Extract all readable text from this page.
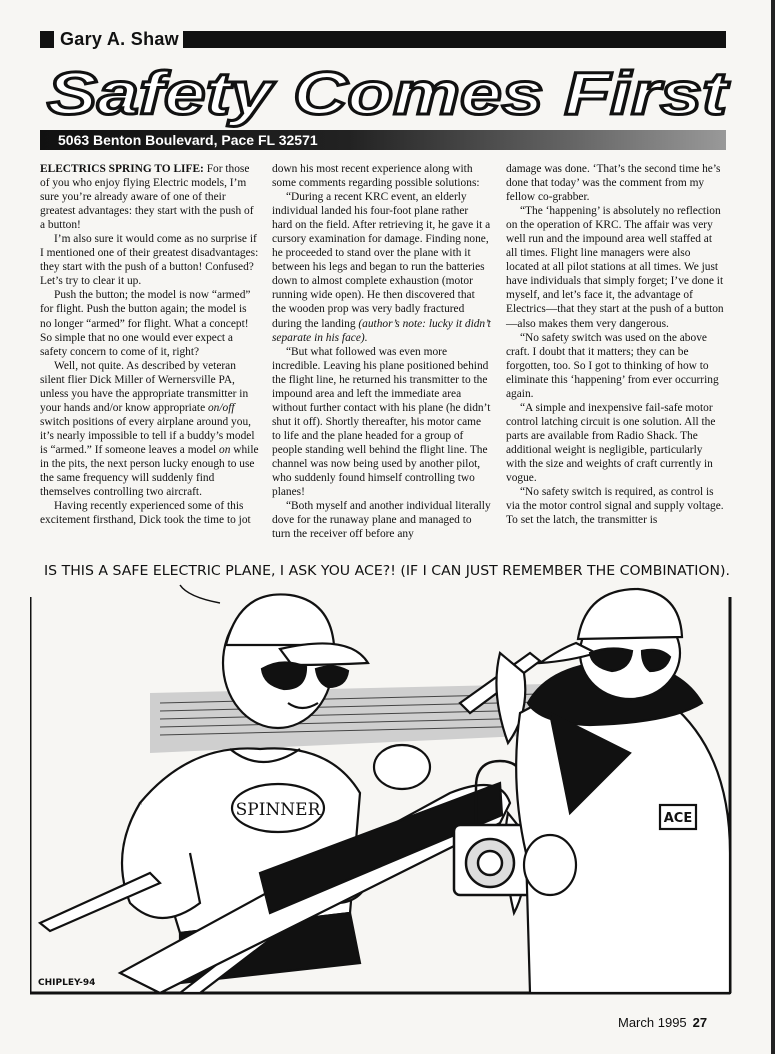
Gary A. Shaw
Safety Comes First
5063 Benton Boulevard, Pace FL 32571

ELECTRICS SPRING TO LIFE: For those of you who enjoy flying Electric models, I’m sure you’re already aware of one of their greatest advantages: they start with the push of a button!

I’m also sure it would come as no surprise if I mentioned one of their greatest disadvantages: they start with the push of a button! Confused? Let’s try to clear it up.

Push the button; the model is now “armed” for flight. Push the button again; the model is no longer “armed” for flight. What a concept! So simple that no one would ever expect a safety concern to come of it, right?

Well, not quite. As described by veteran silent flier Dick Miller of Wernersville PA, unless you have the appropriate transmitter in your hands and/or know appropriate on/off switch positions of every airplane around you, it’s nearly impossible to tell if a buddy’s model is “armed.” If someone leaves a model on while in the pits, the next person lucky enough to use the same frequency will suddenly find themselves controlling two aircraft.

Having recently experienced some of this excitement firsthand, Dick took the time to jot

down his most recent experience along with some comments regarding possible solutions:

“During a recent KRC event, an elderly individual landed his four-foot plane rather hard on the field. After retrieving it, he gave it a cursory examination for damage. Finding none, he proceeded to stand over the plane with it between his legs and began to run the batteries down to almost complete exhaustion (motor running wide open). He then discovered that the wooden prop was very badly fractured during the landing (author’s note: lucky it didn’t separate in his face).

“But what followed was even more incredible. Leaving his plane positioned behind the flight line, he returned his transmitter to the impound area and left the immediate area without further contact with his plane (he didn’t shut it off). Shortly thereafter, his motor came to life and the plane headed for a group of people standing well behind the flight line. The channel was now being used by another pilot, who suddenly found himself controlling two planes!

“Both myself and another individual literally dove for the runaway plane and managed to turn the receiver off before any

damage was done. ‘That’s the second time he’s done that today’ was the comment from my fellow co-grabber.

“The ‘happening’ is absolutely no reflection on the operation of KRC. The affair was very well run and the impound area well staffed at all times. Flight line managers were also located at all pilot stations at all times. We just have individuals that simply forget; I’ve done it myself, and let’s face it, the advantage of Electrics—that they start at the push of a button—also makes them very dangerous.

“No safety switch was used on the above craft. I doubt that it matters; they can be forgotten, too. So I got to thinking of how to eliminate this ‘happening’ from ever occurring again.

“A simple and inexpensive fail-safe motor control latching circuit is one solution. All the parts are available from Radio Shack. The additional weight is negligible, particularly with the size and weights of craft currently in vogue.

“No safety switch is required, as control is via the motor control signal and supply voltage. To set the latch, the transmitter is

IS THIS A SAFE ELECTRIC PLANE, I ASK YOU ACE?! (IF I CAN JUST REMEMBER THE COMBINATION).
SPINNER	ACE
CHIPLEY-94
March 1995 27
